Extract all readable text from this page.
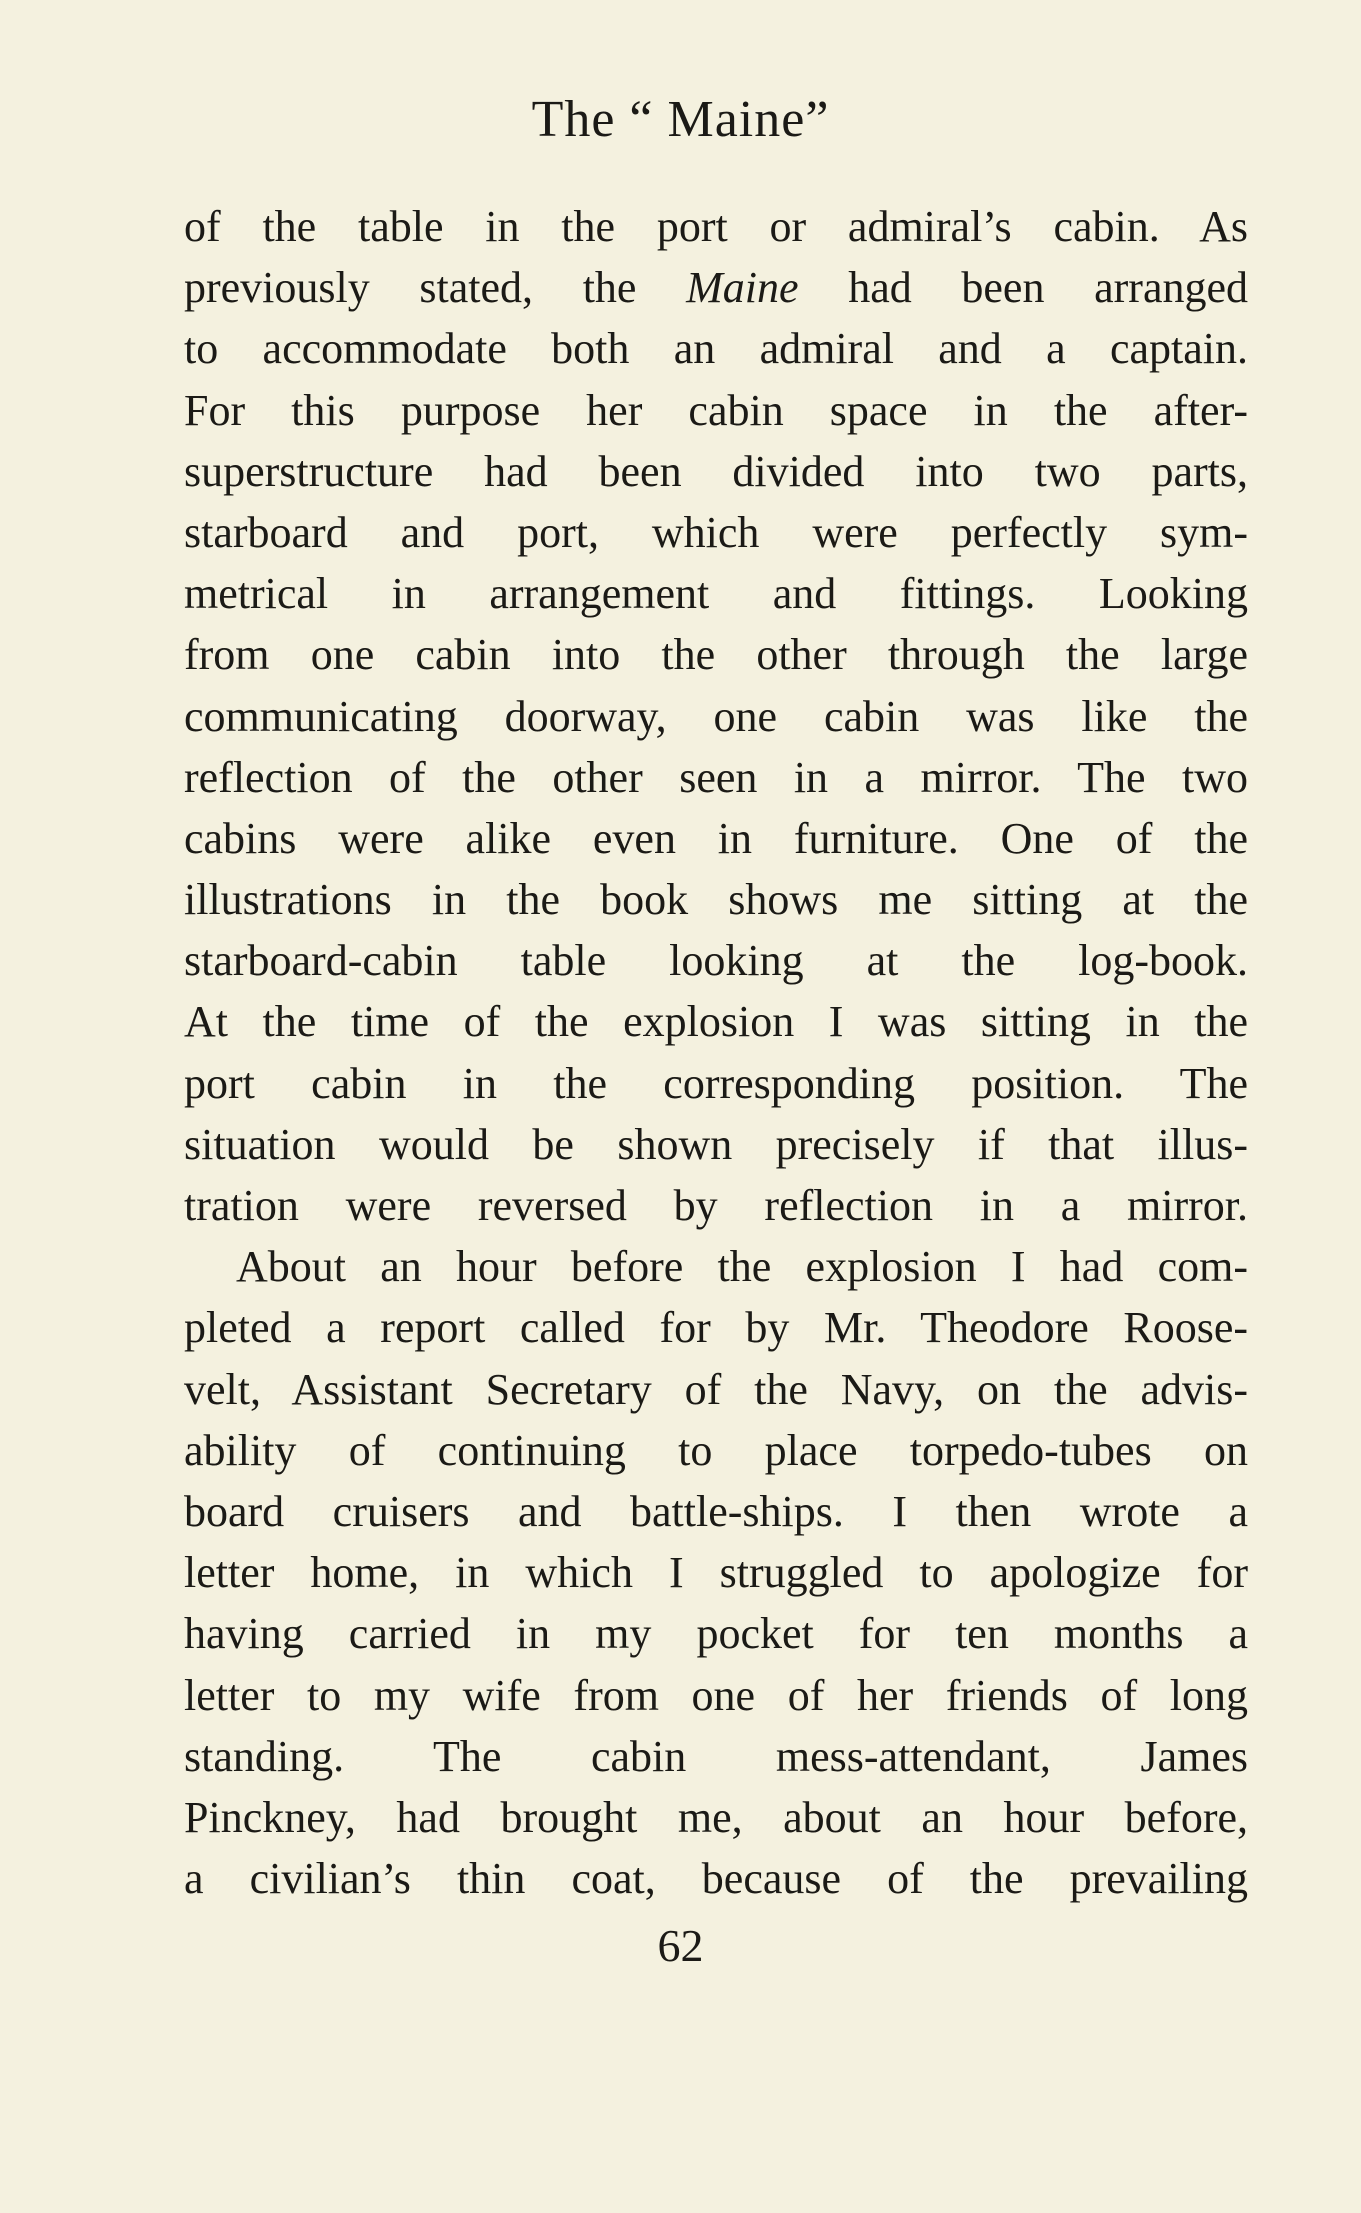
The “ Maine”
of the table in the port or admiral’s cabin. As
previously stated, the Maine had been arranged
to accommodate both an admiral and a captain.
For this purpose her cabin space in the after-
superstructure had been divided into two parts,
starboard and port, which were perfectly sym-
metrical in arrangement and fittings. Looking
from one cabin into the other through the large
communicating doorway, one cabin was like the
reflection of the other seen in a mirror. The two
cabins were alike even in furniture. One of the
illustrations in the book shows me sitting at the
starboard-cabin table looking at the log-book.
At the time of the explosion I was sitting in the
port cabin in the corresponding position. The
situation would be shown precisely if that illus-
tration were reversed by reflection in a mirror.
About an hour before the explosion I had com-
pleted a report called for by Mr. Theodore Roose-
velt, Assistant Secretary of the Navy, on the advis-
ability of continuing to place torpedo-tubes on
board cruisers and battle-ships. I then wrote a
letter home, in which I struggled to apologize for
having carried in my pocket for ten months a
letter to my wife from one of her friends of long
standing. The cabin mess-attendant, James
Pinckney, had brought me, about an hour before,
a civilian’s thin coat, because of the prevailing
62
